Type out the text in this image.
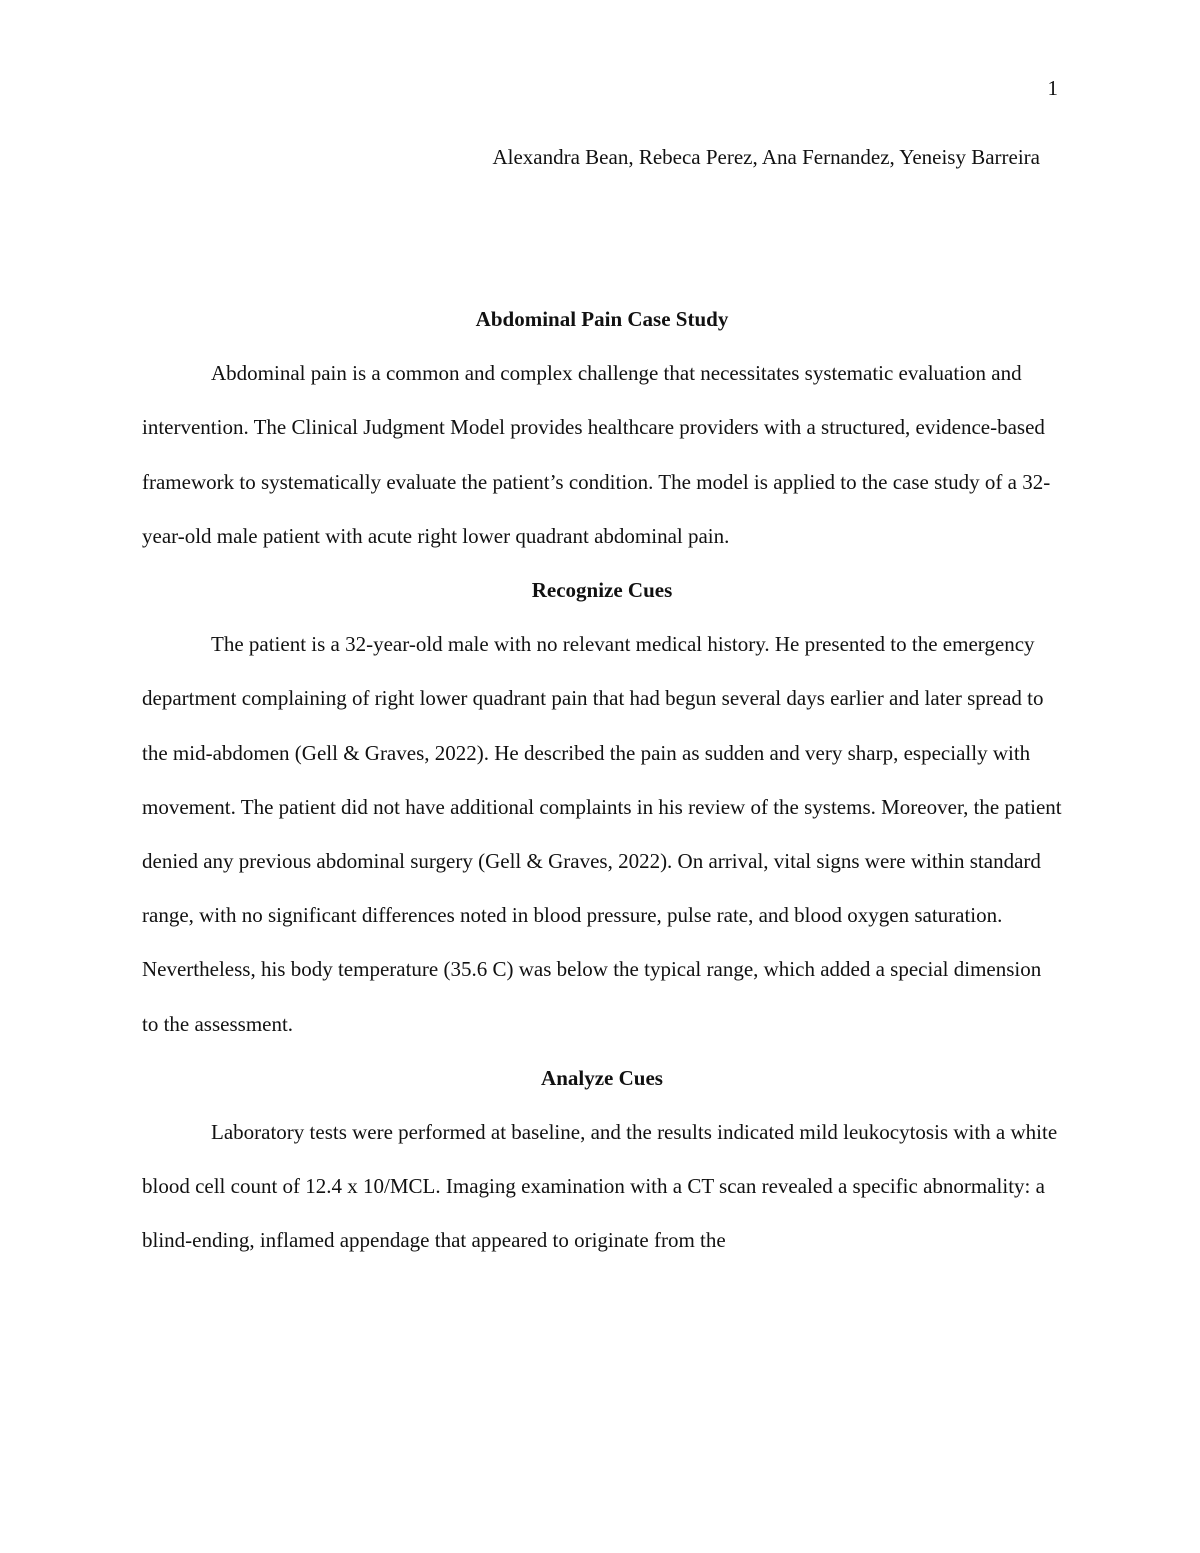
1
Alexandra Bean, Rebeca Perez, Ana Fernandez, Yeneisy Barreira

Abdominal Pain Case Study

Abdominal pain is a common and complex challenge that necessitates systematic evaluation and intervention. The Clinical Judgment Model provides healthcare providers with a structured, evidence-based framework to systematically evaluate the patient’s condition. The model is applied to the case study of a 32-year-old male patient with acute right lower quadrant abdominal pain.

Recognize Cues

The patient is a 32-year-old male with no relevant medical history. He presented to the emergency department complaining of right lower quadrant pain that had begun several days earlier and later spread to the mid-abdomen (Gell & Graves, 2022). He described the pain as sudden and very sharp, especially with movement. The patient did not have additional complaints in his review of the systems. Moreover, the patient denied any previous abdominal surgery (Gell & Graves, 2022). On arrival, vital signs were within standard range, with no significant differences noted in blood pressure, pulse rate, and blood oxygen saturation. Nevertheless, his body temperature (35.6 C) was below the typical range, which added a special dimension to the assessment.

Analyze Cues

Laboratory tests were performed at baseline, and the results indicated mild leukocytosis with a white blood cell count of 12.4 x 10/MCL. Imaging examination with a CT scan revealed a specific abnormality: a blind-ending, inflamed appendage that appeared to originate from the
